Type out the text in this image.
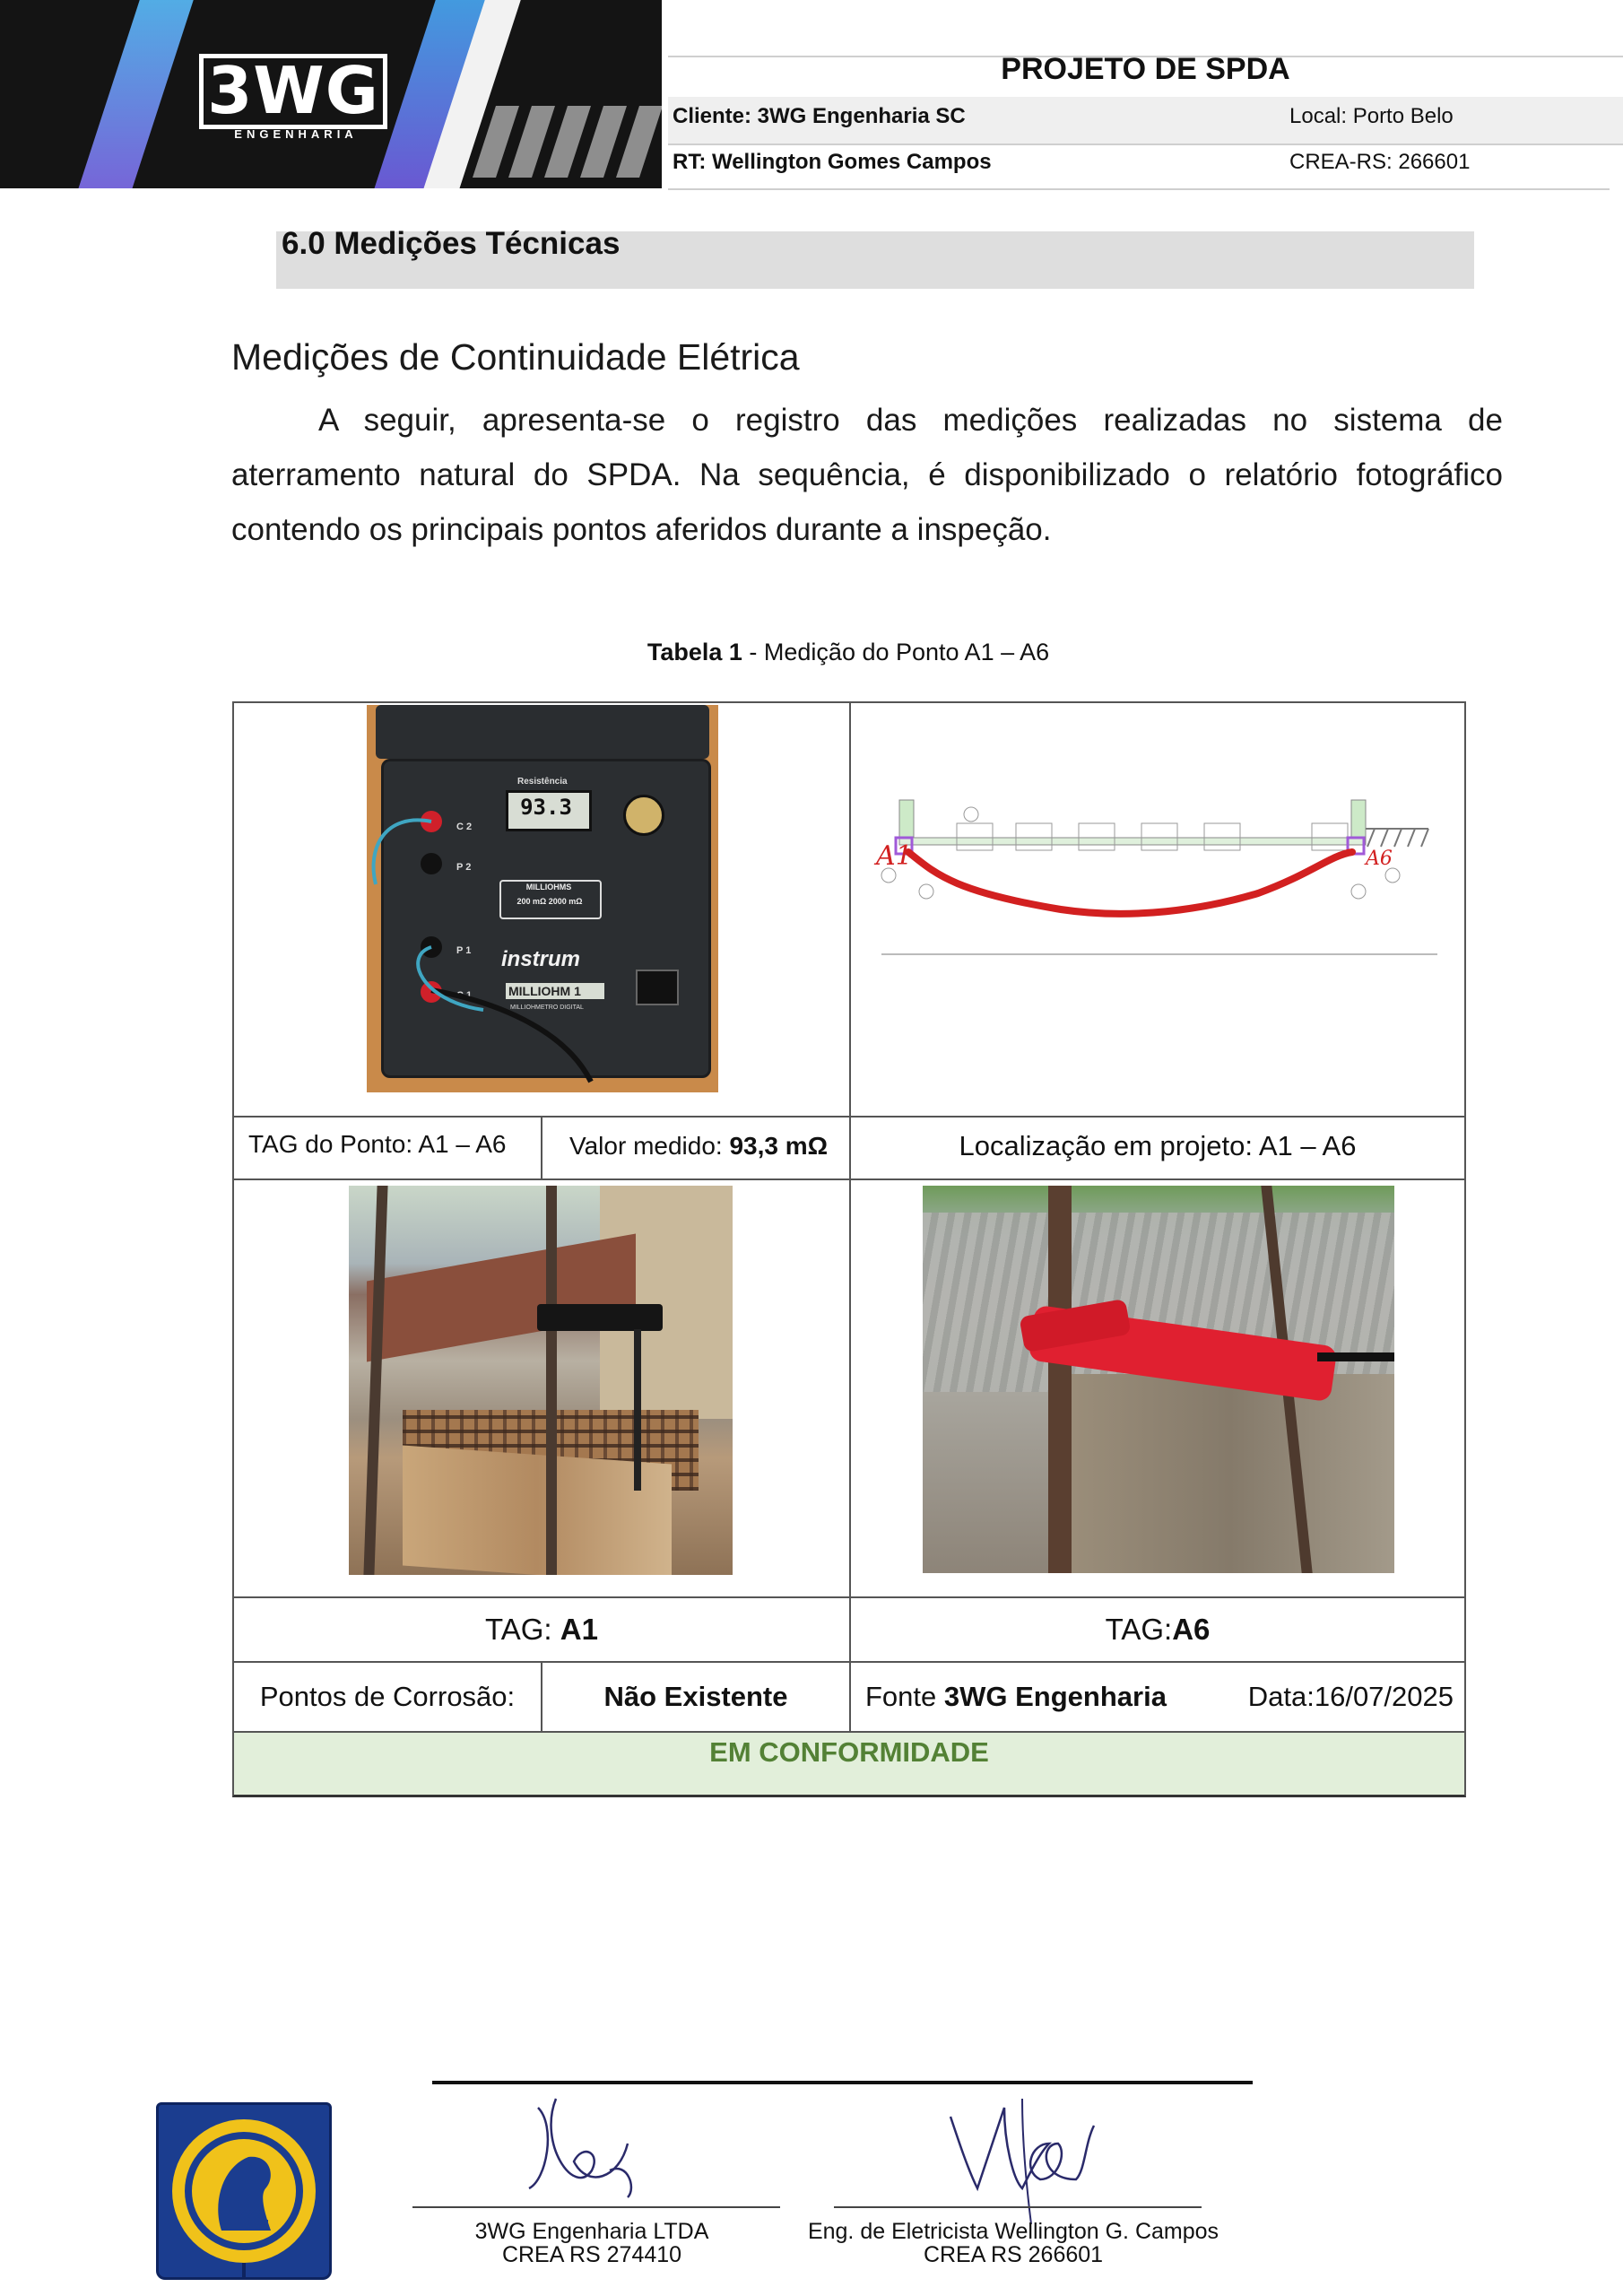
3WG
ENGENHARIA
PROJETO DE SPDA
Cliente: 3WG Engenharia SC	Local: Porto Belo
RT: Wellington Gomes Campos	CREA-RS: 266601
6.0 Medições Técnicas
Medições de Continuidade Elétrica
A seguir, apresenta-se o registro das medições realizadas no sistema de aterramento natural do SPDA. Na sequência, é disponibilizado o relatório fotográfico contendo os principais pontos aferidos durante a inspeção.
Tabela 1 - Medição do Ponto A1 – A6
Resistência
93.3
C 2
P 2
P 1
C 1
MILLIOHMS
200 mΩ 2000 mΩ
instrum
MILLIOHM 1
MILLIOHMETRO DIGITAL
A1	A6
TAG do Ponto: A1 – A6	Valor medido: 93,3 mΩ	Localização em projeto: A1 – A6
TAG: A1	TAG:A6
Pontos de Corrosão:	Não Existente	Fonte 3WG Engenharia	Data:16/07/2025
EM CONFORMIDADE
3WG Engenharia LTDA
CREA RS 274410
Eng. de Eletricista Wellington G. Campos
CREA RS 266601
